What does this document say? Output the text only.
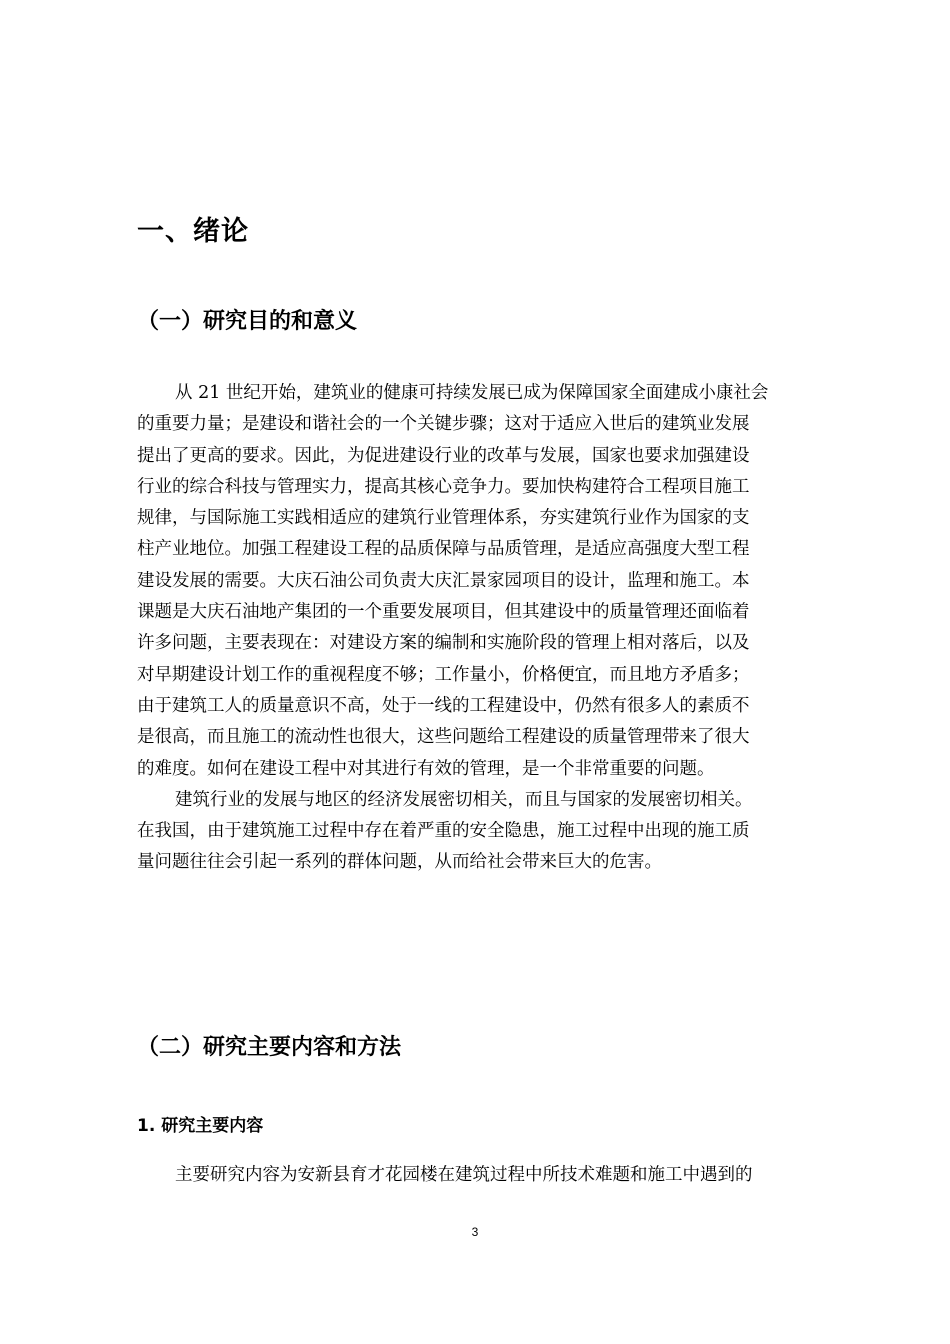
一、绪论
（一）研究目的和意义
从 21 世纪开始，建筑业的健康可持续发展已成为保障国家全面建成小康社会
的重要力量；是建设和谐社会的一个关键步骤；这对于适应入世后的建筑业发展
提出了更高的要求。因此，为促进建设行业的改革与发展，国家也要求加强建设
行业的综合科技与管理实力，提高其核心竞争力。要加快构建符合工程项目施工
规律，与国际施工实践相适应的建筑行业管理体系，夯实建筑行业作为国家的支
柱产业地位。加强工程建设工程的品质保障与品质管理，是适应高强度大型工程
建设发展的需要。大庆石油公司负责大庆汇景家园项目的设计，监理和施工。本
课题是大庆石油地产集团的一个重要发展项目，但其建设中的质量管理还面临着
许多问题，主要表现在：对建设方案的编制和实施阶段的管理上相对落后，以及
对早期建设计划工作的重视程度不够；工作量小，价格便宜，而且地方矛盾多；
由于建筑工人的质量意识不高，处于一线的工程建设中，仍然有很多人的素质不
是很高，而且施工的流动性也很大，这些问题给工程建设的质量管理带来了很大
的难度。如何在建设工程中对其进行有效的管理，是一个非常重要的问题。
建筑行业的发展与地区的经济发展密切相关，而且与国家的发展密切相关。
在我国，由于建筑施工过程中存在着严重的安全隐患，施工过程中出现的施工质
量问题往往会引起一系列的群体问题，从而给社会带来巨大的危害。
（二）研究主要内容和方法
1. 研究主要内容
主要研究内容为安新县育才花园楼在建筑过程中所技术难题和施工中遇到的
3
